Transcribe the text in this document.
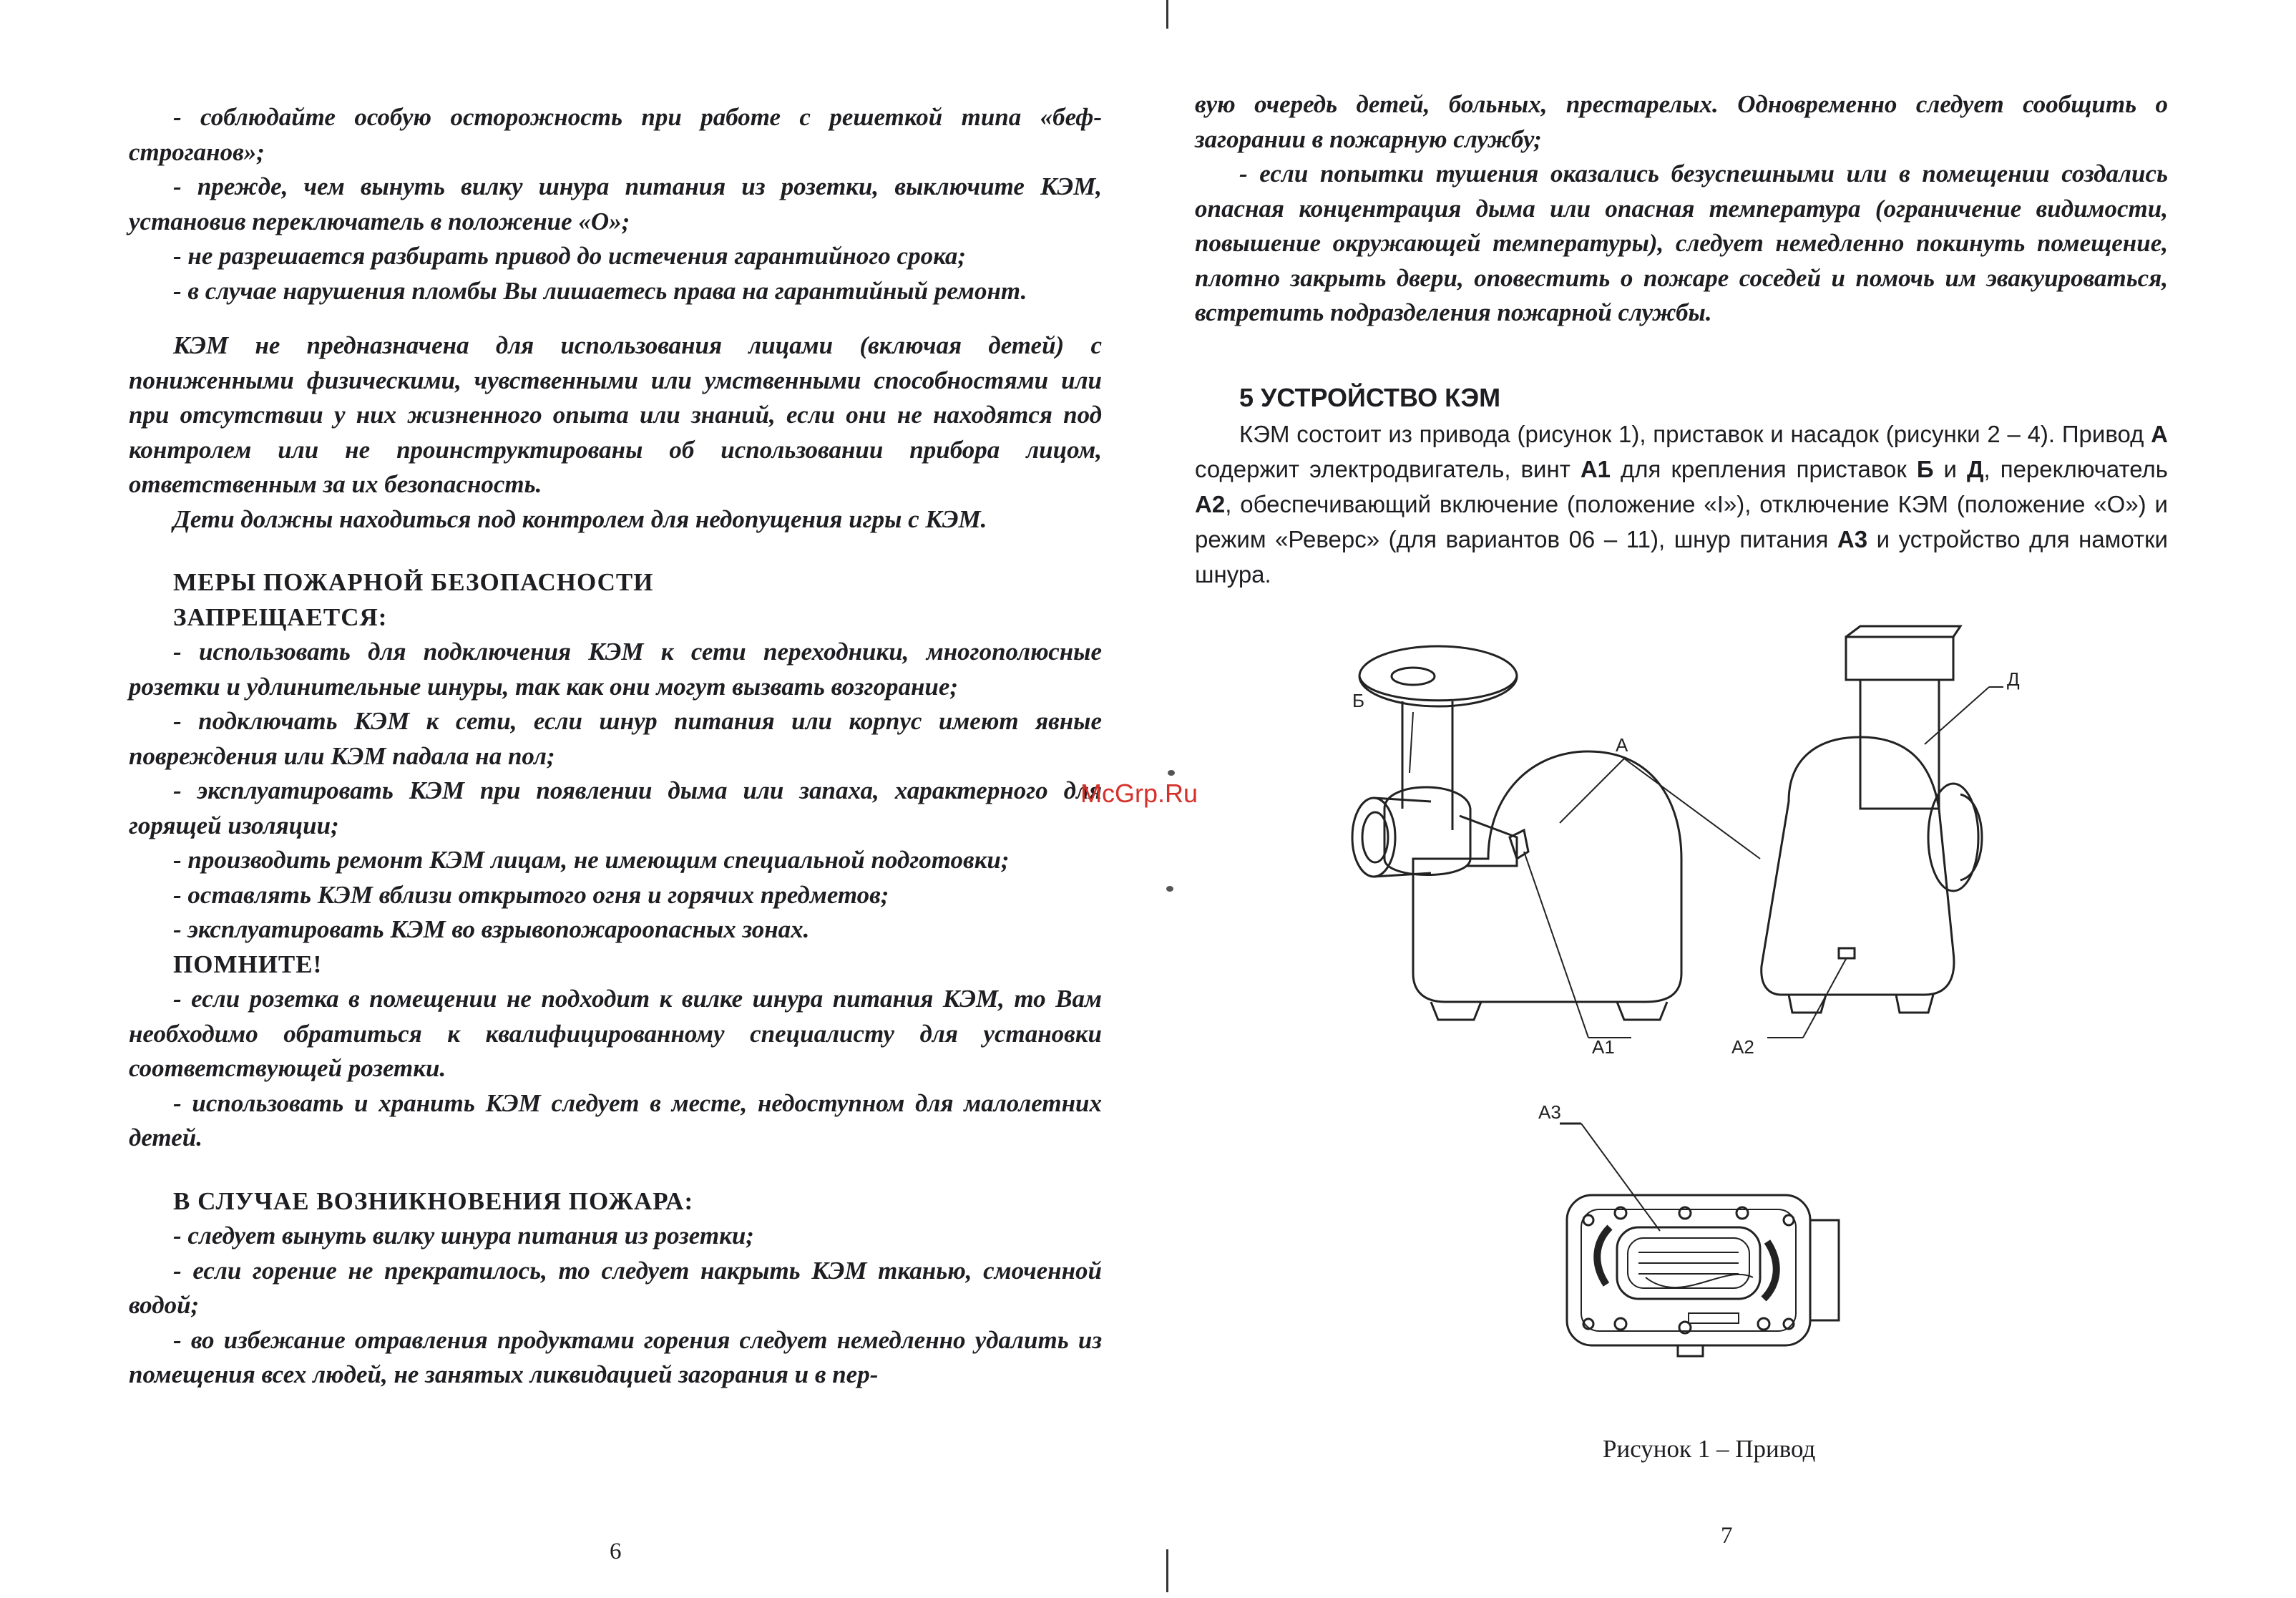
- соблюдайте особую осторожность при работе с решеткой типа «беф-строганов»;

- прежде, чем вынуть вилку шнура питания из розетки, выключите КЭМ, установив переключатель в положение «О»;

- не разрешается разбирать привод до истечения гарантийного срока;

- в случае нарушения пломбы Вы лишаетесь права на гарантийный ремонт.

КЭМ не предназначена для использования лицами (включая детей) с пониженными физическими, чувственными или умственными способностями или при отсутствии у них жизненного опыта или знаний, если они не находятся под контролем или не проинструктированы об использовании прибора лицом, ответственным за их безопасность.

Дети должны находиться под контролем для недопущения игры с КЭМ.

МЕРЫ ПОЖАРНОЙ БЕЗОПАСНОСТИ

ЗАПРЕЩАЕТСЯ:

- использовать для подключения КЭМ к сети переходники, многополюсные розетки и удлинительные шнуры, так как они могут вызвать возгорание;

- подключать КЭМ к сети, если шнур питания или корпус имеют явные повреждения или КЭМ падала на пол;

- эксплуатировать КЭМ при появлении дыма или запаха, характерного для горящей изоляции;

- производить ремонт КЭМ лицам, не имеющим специальной подготовки;

- оставлять КЭМ вблизи открытого огня и горячих предметов;

- эксплуатировать КЭМ во взрывопожароопасных зонах.

ПОМНИТЕ!

- если розетка в помещении не подходит к вилке шнура питания КЭМ, то Вам необходимо обратиться к квалифицированному специалисту для установки соответствующей розетки.

- использовать и хранить КЭМ следует в месте, недоступном для малолетних детей.

В СЛУЧАЕ ВОЗНИКНОВЕНИЯ ПОЖАРА:

- следует вынуть вилку шнура питания из розетки;

- если горение не прекратилось, то следует накрыть КЭМ тканью, смоченной водой;

- во избежание отравления продуктами горения следует немедленно удалить из помещения всех людей, не занятых ликвидацией загорания и в пер-

6

вую очередь детей, больных, престарелых. Одновременно следует сообщить о загорании в пожарную службу;

- если попытки тушения оказались безуспешными или в помещении создались опасная концентрация дыма или опасная температура (ограничение видимости, повышение окружающей температуры), следует немедленно покинуть помещение, плотно закрыть двери, оповестить о пожаре соседей и помочь им эвакуироваться, встретить подразделения пожарной службы.

5 УСТРОЙСТВО КЭМ

КЭМ состоит из привода (рисунок 1), приставок и насадок (рисунки 2 – 4). Привод А содержит электродвигатель, винт А1 для крепления приставок Б и Д, переключатель А2, обеспечивающий включение (положение «I»), отключение КЭМ (положение «О») и режим «Реверс» (для вариантов 06 – 11), шнур питания А3 и устройство для намотки шнура.

Б
Д
А
А1	А2
А3
Рисунок 1 – Привод
7
McGrp.Ru
